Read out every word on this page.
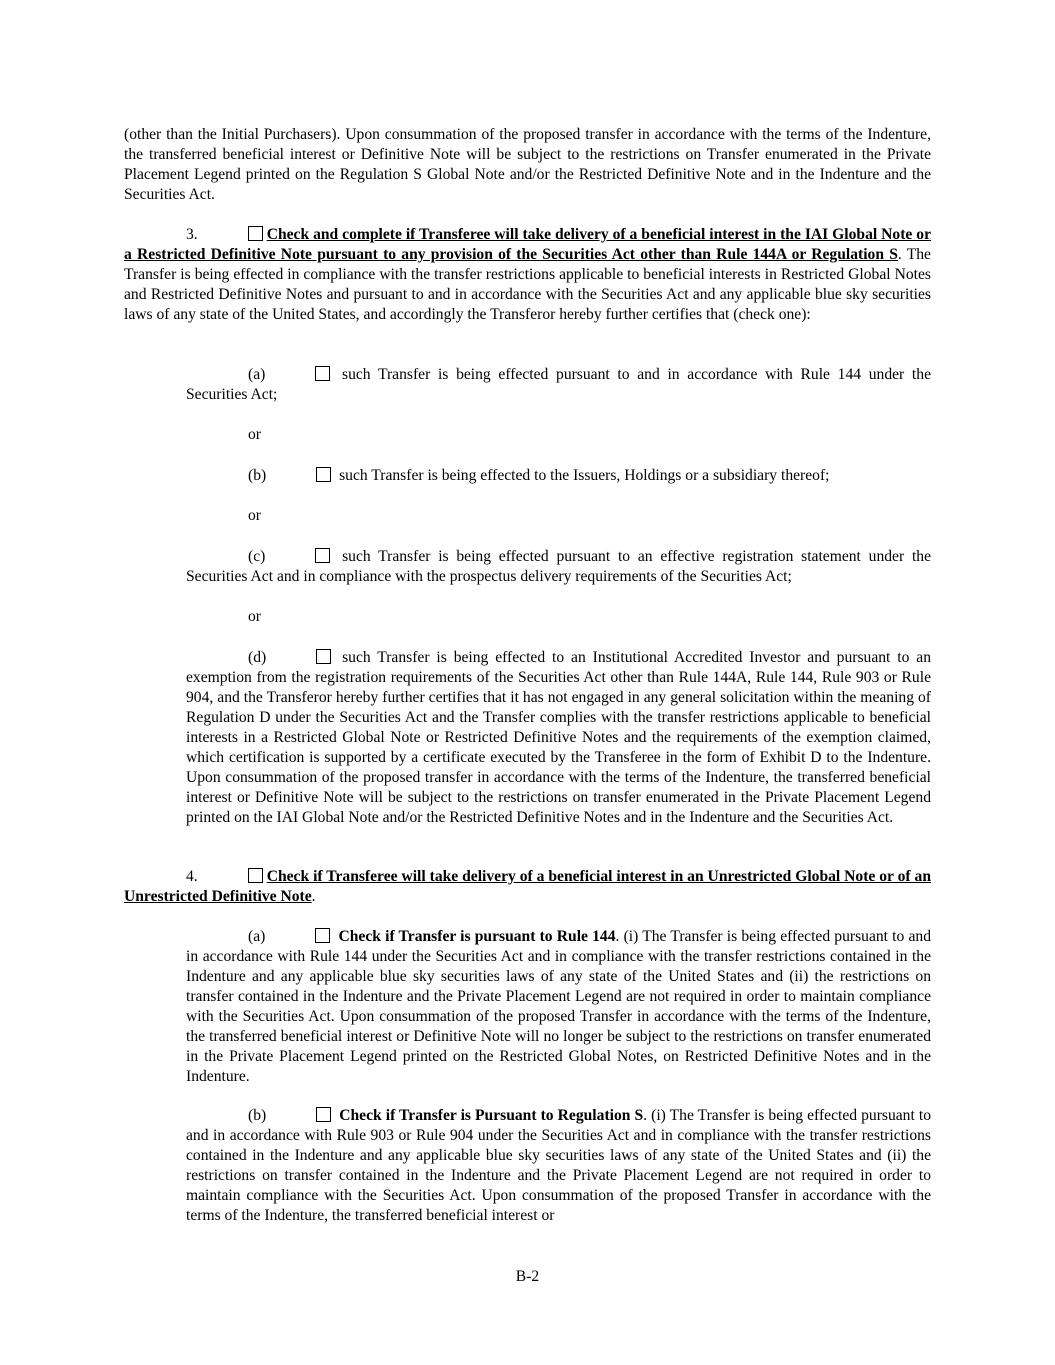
(other than the Initial Purchasers). Upon consummation of the proposed transfer in accordance with the terms of the Indenture, the transferred beneficial interest or Definitive Note will be subject to the restrictions on Transfer enumerated in the Private Placement Legend printed on the Regulation S Global Note and/or the Restricted Definitive Note and in the Indenture and the Securities Act.

3.	Check and complete if Transferee will take delivery of a beneficial interest in the IAI Global Note or a Restricted Definitive Note pursuant to any provision of the Securities Act other than Rule 144A or Regulation S. The Transfer is being effected in compliance with the transfer restrictions applicable to beneficial interests in Restricted Global Notes and Restricted Definitive Notes and pursuant to and in accordance with the Securities Act and any applicable blue sky securities laws of any state of the United States, and accordingly the Transferor hereby further certifies that (check one):

(a)	such Transfer is being effected pursuant to and in accordance with Rule 144 under the Securities Act;

or

(b)	such Transfer is being effected to the Issuers, Holdings or a subsidiary thereof;

or

(c)	such Transfer is being effected pursuant to an effective registration statement under the Securities Act and in compliance with the prospectus delivery requirements of the Securities Act;

or

(d)	such Transfer is being effected to an Institutional Accredited Investor and pursuant to an exemption from the registration requirements of the Securities Act other than Rule 144A, Rule 144, Rule 903 or Rule 904, and the Transferor hereby further certifies that it has not engaged in any general solicitation within the meaning of Regulation D under the Securities Act and the Transfer complies with the transfer restrictions applicable to beneficial interests in a Restricted Global Note or Restricted Definitive Notes and the requirements of the exemption claimed, which certification is supported by a certificate executed by the Transferee in the form of Exhibit D to the Indenture. Upon consummation of the proposed transfer in accordance with the terms of the Indenture, the transferred beneficial interest or Definitive Note will be subject to the restrictions on transfer enumerated in the Private Placement Legend printed on the IAI Global Note and/or the Restricted Definitive Notes and in the Indenture and the Securities Act.

4.	Check if Transferee will take delivery of a beneficial interest in an Unrestricted Global Note or of an Unrestricted Definitive Note.

(a)	Check if Transfer is pursuant to Rule 144. (i) The Transfer is being effected pursuant to and in accordance with Rule 144 under the Securities Act and in compliance with the transfer restrictions contained in the Indenture and any applicable blue sky securities laws of any state of the United States and (ii) the restrictions on transfer contained in the Indenture and the Private Placement Legend are not required in order to maintain compliance with the Securities Act. Upon consummation of the proposed Transfer in accordance with the terms of the Indenture, the transferred beneficial interest or Definitive Note will no longer be subject to the restrictions on transfer enumerated in the Private Placement Legend printed on the Restricted Global Notes, on Restricted Definitive Notes and in the Indenture.

(b)	Check if Transfer is Pursuant to Regulation S. (i) The Transfer is being effected pursuant to and in accordance with Rule 903 or Rule 904 under the Securities Act and in compliance with the transfer restrictions contained in the Indenture and any applicable blue sky securities laws of any state of the United States and (ii) the restrictions on transfer contained in the Indenture and the Private Placement Legend are not required in order to maintain compliance with the Securities Act. Upon consummation of the proposed Transfer in accordance with the terms of the Indenture, the transferred beneficial interest or

B-2
